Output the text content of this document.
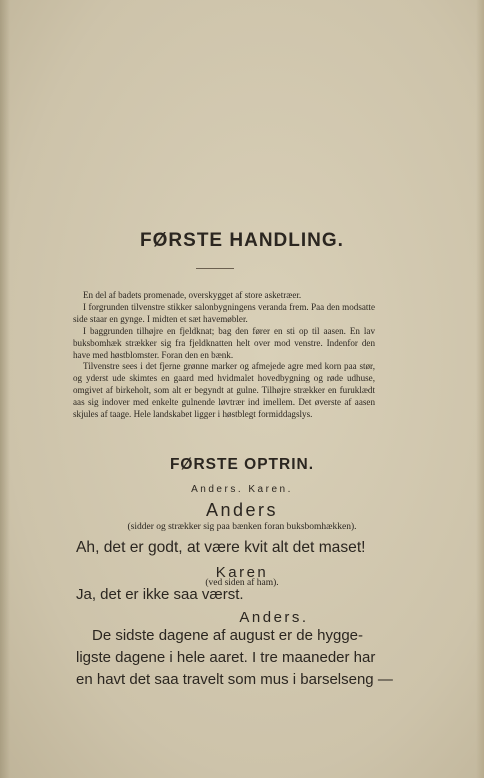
FØRSTE HANDLING.

En del af badets promenade, overskygget af store asketræer.

I forgrunden tilvenstre stikker salonbygningens veranda frem. Paa den modsatte side staar en gynge. I midten et sæt havemøbler.

I baggrunden tilhøjre en fjeldknat; bag den fører en sti op til aasen. En lav buksbomhæk strækker sig fra fjeldknatten helt over mod venstre. Indenfor den have med høstblomster. Foran den en bænk.

Tilvenstre sees i det fjerne grønne marker og afmejede agre med korn paa stør, og yderst ude skimtes en gaard med hvidmalet hovedbygning og røde udhuse, omgivet af birkeholt, som alt er begyndt at gulne. Tilhøjre strækker en furuklædt aas sig indover med enkelte gulnende løvtrær ind imellem. Det øverste af aasen skjules af taage. Hele landskabet ligger i høstblegt formiddagslys.

FØRSTE OPTRIN.
Anders. Karen.
Anders
(sidder og strækker sig paa bænken foran buksbomhækken).
Ah, det er godt, at være kvit alt det maset!
Karen
(ved siden af ham).
Ja, det er ikke saa værst.
Anders.
De sidste dagene af august er de hygge-
ligste dagene i hele aaret. I tre maaneder har
en havt det saa travelt som mus i barselseng —
